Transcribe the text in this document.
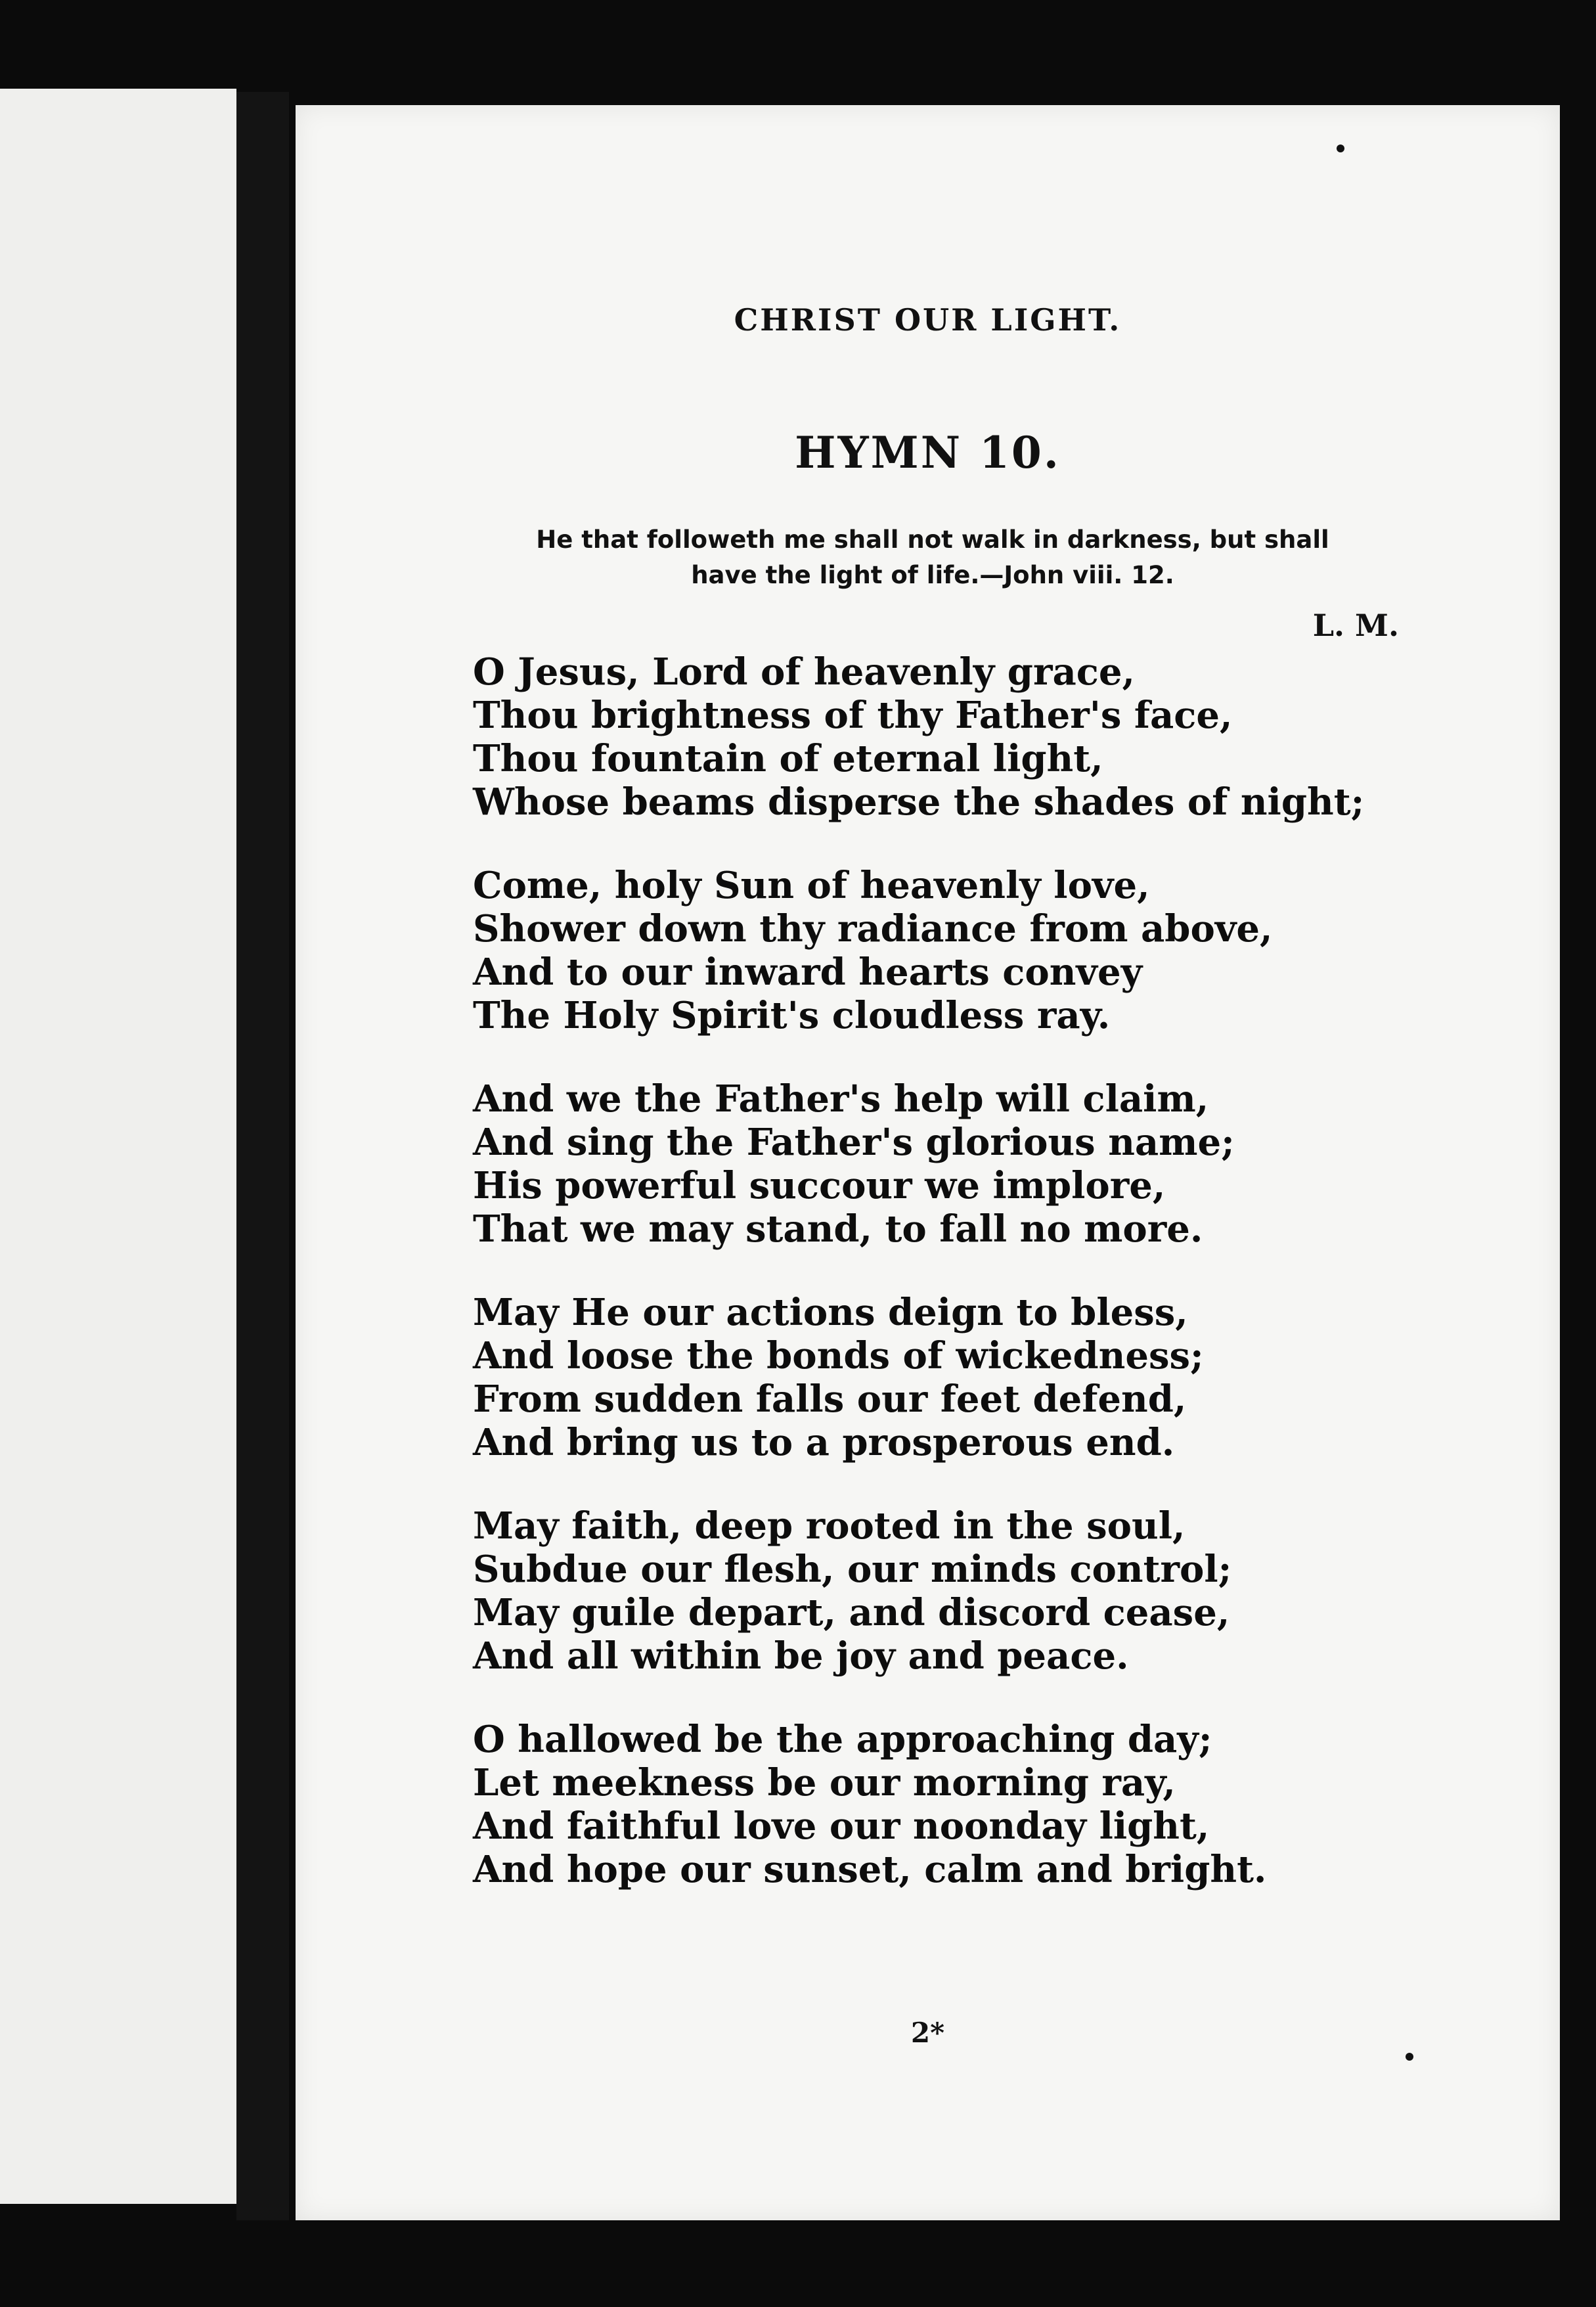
CHRIST OUR LIGHT.
HYMN 10.
He that followeth me shall not walk in darkness, but shall
have the light of life.—John viii. 12.
L. M.
O Jesus, Lord of heavenly grace,
Thou brightness of thy Father's face,
Thou fountain of eternal light,
Whose beams disperse the shades of night;
Come, holy Sun of heavenly love,
Shower down thy radiance from above,
And to our inward hearts convey
The Holy Spirit's cloudless ray.
And we the Father's help will claim,
And sing the Father's glorious name;
His powerful succour we implore,
That we may stand, to fall no more.
May He our actions deign to bless,
And loose the bonds of wickedness;
From sudden falls our feet defend,
And bring us to a prosperous end.
May faith, deep rooted in the soul,
Subdue our flesh, our minds control;
May guile depart, and discord cease,
And all within be joy and peace.
O hallowed be the approaching day;
Let meekness be our morning ray,
And faithful love our noonday light,
And hope our sunset, calm and bright.
2*
